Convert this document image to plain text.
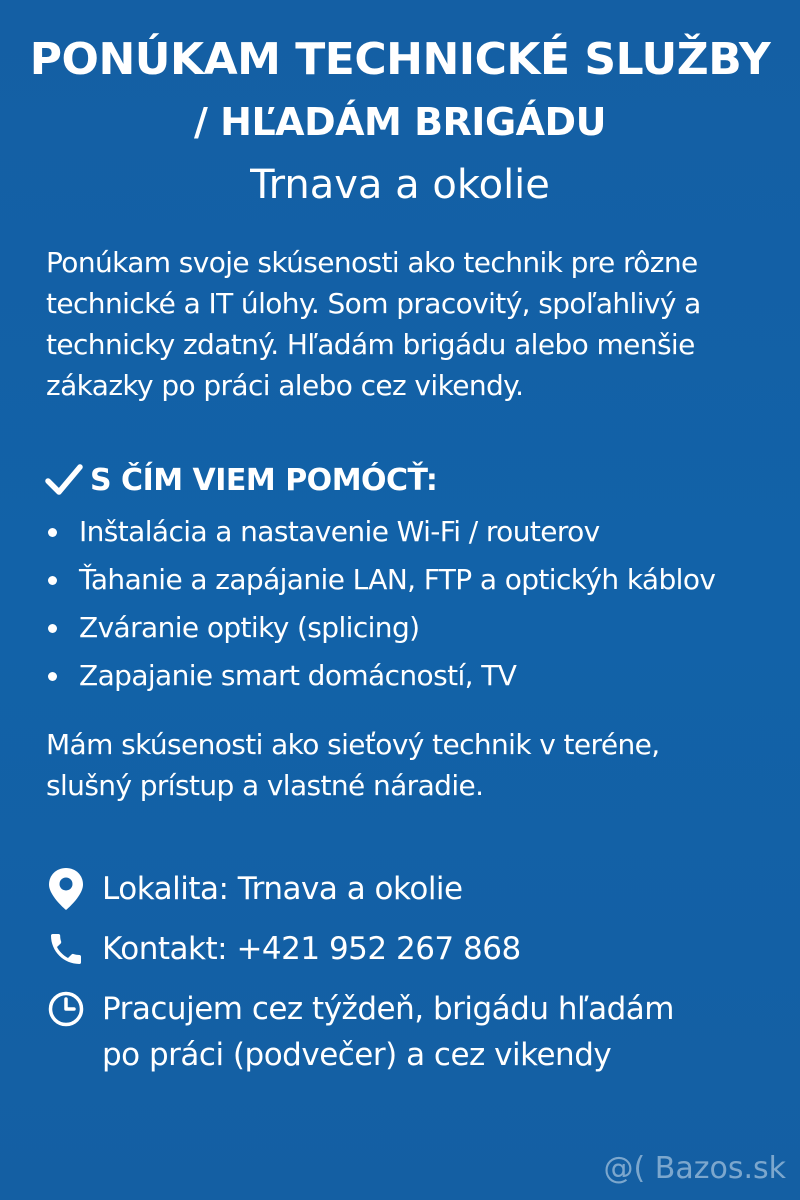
PONÚKAM TECHNICKÉ SLUŽBY
/ HĽADÁM BRIGÁDU
Trnava a okolie
Ponúkam svoje skúsenosti ako technik pre rôzne
technické a IT úlohy. Som pracovitý, spoľahlivý a
technicky zdatný. Hľadám brigádu alebo menšie
zákazky po práci alebo cez vikendy.
S ČÍM VIEM POMÓCŤ:
Inštalácia a nastavenie Wi-Fi / routerov
Ťahanie a zapájanie LAN, FTP a optickýh káblov
Zváranie optiky (splicing)
Zapajanie smart domácností, TV
Mám skúsenosti ako sieťový technik v teréne,
slušný prístup a vlastné náradie.
Lokalita: Trnava a okolie
Kontakt: +421 952 267 868
Pracujem cez týždeň, brigádu hľadám
po práci (podvečer) a cez vikendy
@( Bazos.sk
